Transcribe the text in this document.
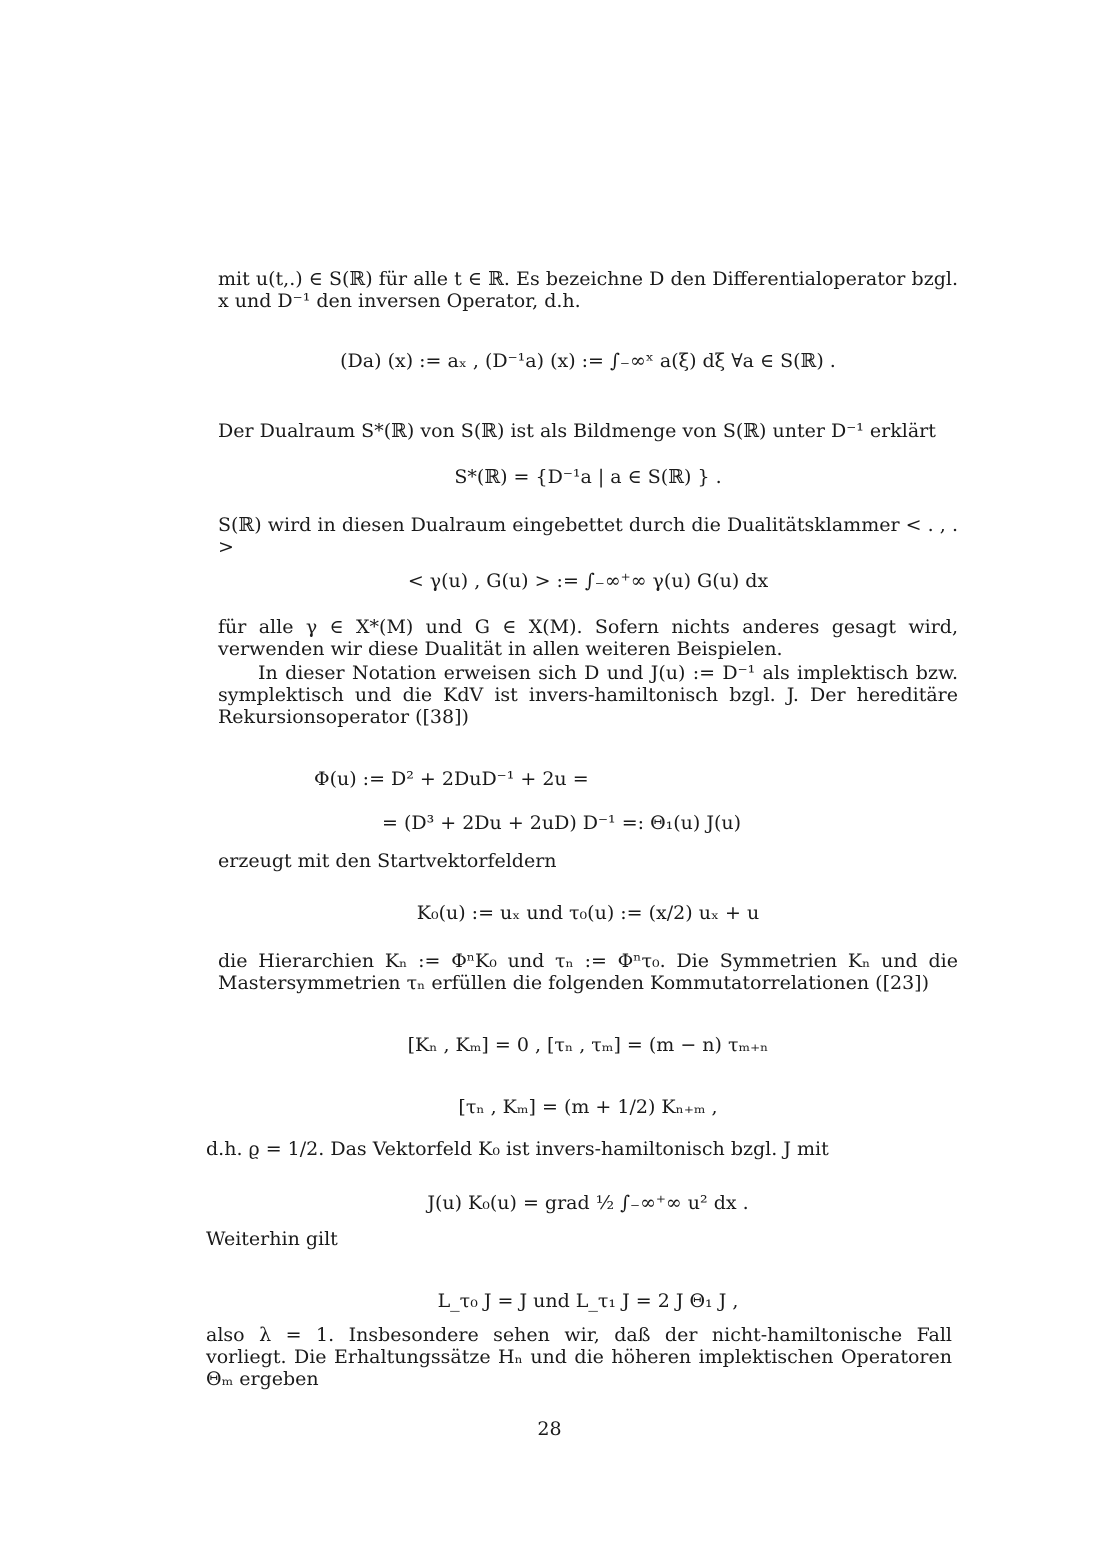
mit u(t,.) ∈ S(ℝ) für alle t ∈ ℝ. Es bezeichne D den Differentialoperator bzgl. x und D⁻¹ den inversen Operator, d.h.
(Da) (x) := aₓ , (D⁻¹a) (x) := ∫₋∞ˣ a(ξ) dξ ∀a ∈ S(ℝ) .
Der Dualraum S*(ℝ) von S(ℝ) ist als Bildmenge von S(ℝ) unter D⁻¹ erklärt
S*(ℝ) = {D⁻¹a | a ∈ S(ℝ) } .
S(ℝ) wird in diesen Dualraum eingebettet durch die Dualitätsklammer < . , . >
< γ(u) , G(u) > := ∫₋∞⁺∞ γ(u) G(u) dx
für alle γ ∈ X*(M) und G ∈ X(M). Sofern nichts anderes gesagt wird, verwenden wir diese Dualität in allen weiteren Beispielen.
In dieser Notation erweisen sich D und J(u) := D⁻¹ als implektisch bzw. symplektisch und die KdV ist invers-hamiltonisch bzgl. J. Der hereditäre Rekursionsoperator ([38])
Φ(u) := D² + 2DuD⁻¹ + 2u =
= (D³ + 2Du + 2uD) D⁻¹ =: Θ₁(u) J(u)
erzeugt mit den Startvektorfeldern
K₀(u) := uₓ und τ₀(u) := (x/2) uₓ + u
die Hierarchien Kₙ := ΦⁿK₀ und τₙ := Φⁿτ₀. Die Symmetrien Kₙ und die Mastersymmetrien τₙ erfüllen die folgenden Kommutatorrelationen ([23])
[Kₙ , Kₘ] = 0 , [τₙ , τₘ] = (m − n) τₘ₊ₙ
[τₙ , Kₘ] = (m + 1/2) Kₙ₊ₘ ,
d.h. ϱ = 1/2. Das Vektorfeld K₀ ist invers-hamiltonisch bzgl. J mit
J(u) K₀(u) = grad ½ ∫₋∞⁺∞ u² dx .
Weiterhin gilt
L_τ₀ J = J und L_τ₁ J = 2 J Θ₁ J ,
also λ = 1. Insbesondere sehen wir, daß der nicht-hamiltonische Fall vorliegt. Die Erhaltungssätze Hₙ und die höheren implektischen Operatoren Θₘ ergeben
28
